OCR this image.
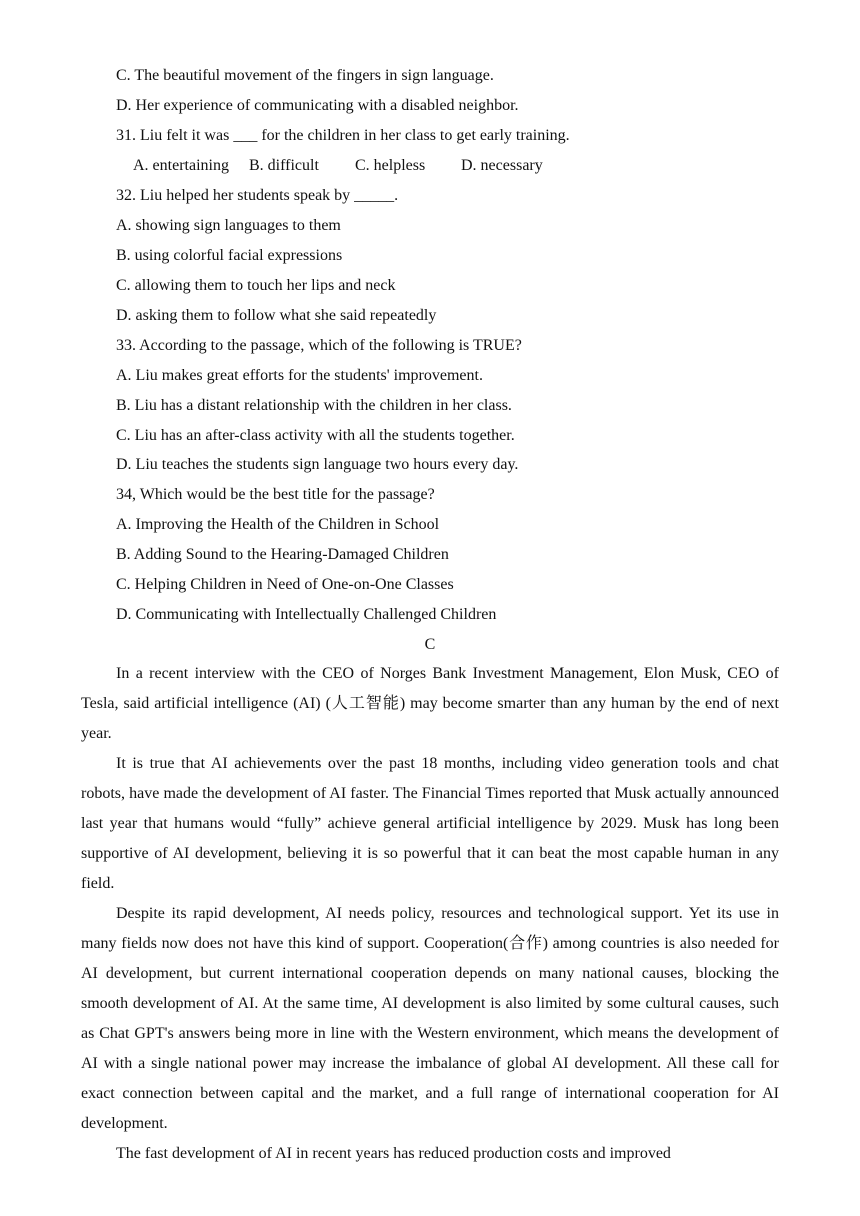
C. The beautiful movement of the fingers in sign language.
D. Her experience of communicating with a disabled neighbor.
31. Liu felt it was ___ for the children in her class to get early training.
A. entertaining B. difficult C. helpless D. necessary
32. Liu helped her students speak by _____.
A. showing sign languages to them
B. using colorful facial expressions
C. allowing them to touch her lips and neck
D. asking them to follow what she said repeatedly
33. According to the passage, which of the following is TRUE?
A. Liu makes great efforts for the students' improvement.
B. Liu has a distant relationship with the children in her class.
C. Liu has an after-class activity with all the students together.
D. Liu teaches the students sign language two hours every day.
34, Which would be the best title for the passage?
A. Improving the Health of the Children in School
B. Adding Sound to the Hearing-Damaged Children
C. Helping Children in Need of One-on-One Classes
D. Communicating with Intellectually Challenged Children
C

In a recent interview with the CEO of Norges Bank Investment Management, Elon Musk, CEO of Tesla, said artificial intelligence (AI) (人工智能) may become smarter than any human by the end of next year.

It is true that AI achievements over the past 18 months, including video generation tools and chat robots, have made the development of AI faster. The Financial Times reported that Musk actually announced last year that humans would “fully” achieve general artificial intelligence by 2029. Musk has long been supportive of AI development, believing it is so powerful that it can beat the most capable human in any field.

Despite its rapid development, AI needs policy, resources and technological support. Yet its use in many fields now does not have this kind of support. Cooperation(合作) among countries is also needed for AI development, but current international cooperation depends on many national causes, blocking the smooth development of AI. At the same time, AI development is also limited by some cultural causes, such as Chat GPT's answers being more in line with the Western environment, which means the development of AI with a single national power may increase the imbalance of global AI development. All these call for exact connection between capital and the market, and a full range of international cooperation for AI development.

The fast development of AI in recent years has reduced production costs and improved
